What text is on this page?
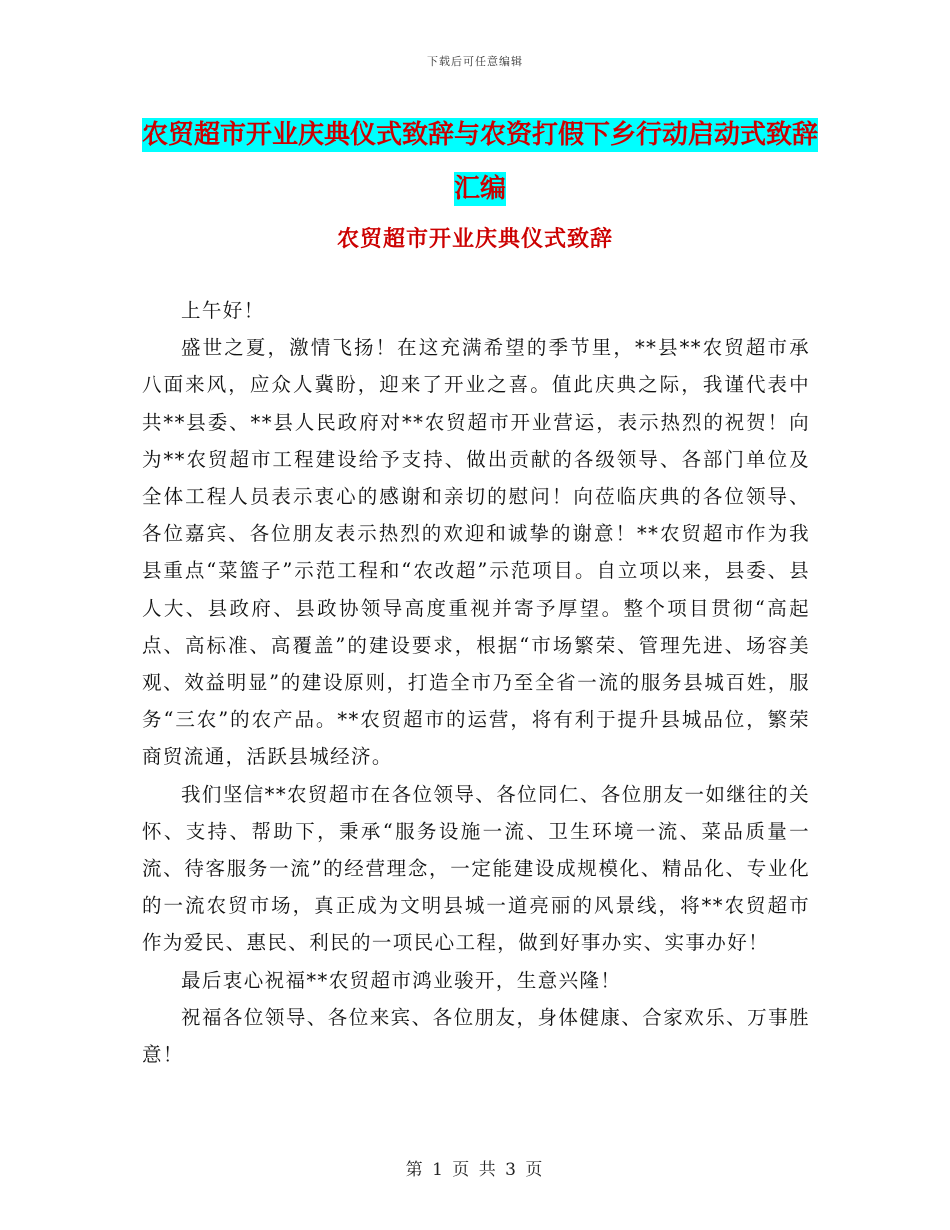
下载后可任意编辑
农贸超市开业庆典仪式致辞与农资打假下乡行动启动式致辞汇编
农贸超市开业庆典仪式致辞

上午好！

盛世之夏，激情飞扬！在这充满希望的季节里，**县**农贸超市承八面来风，应众人冀盼，迎来了开业之喜。值此庆典之际，我谨代表中共**县委、**县人民政府对**农贸超市开业营运，表示热烈的祝贺！向为**农贸超市工程建设给予支持、做出贡献的各级领导、各部门单位及全体工程人员表示衷心的感谢和亲切的慰问！向莅临庆典的各位领导、各位嘉宾、各位朋友表示热烈的欢迎和诚挚的谢意！**农贸超市作为我县重点“菜篮子”示范工程和“农改超”示范项目。自立项以来，县委、县人大、县政府、县政协领导高度重视并寄予厚望。整个项目贯彻“高起点、高标准、高覆盖”的建设要求，根据“市场繁荣、管理先进、场容美观、效益明显”的建设原则，打造全市乃至全省一流的服务县城百姓，服务“三农”的农产品。**农贸超市的运营，将有利于提升县城品位，繁荣商贸流通，活跃县城经济。

我们坚信**农贸超市在各位领导、各位同仁、各位朋友一如继往的关怀、支持、帮助下，秉承“服务设施一流、卫生环境一流、菜品质量一流、待客服务一流”的经营理念，一定能建设成规模化、精品化、专业化的一流农贸市场，真正成为文明县城一道亮丽的风景线，将**农贸超市作为爱民、惠民、利民的一项民心工程，做到好事办实、实事办好！

最后衷心祝福**农贸超市鸿业骏开，生意兴隆！

祝福各位领导、各位来宾、各位朋友，身体健康、合家欢乐、万事胜意！

第 1 页 共 3 页
